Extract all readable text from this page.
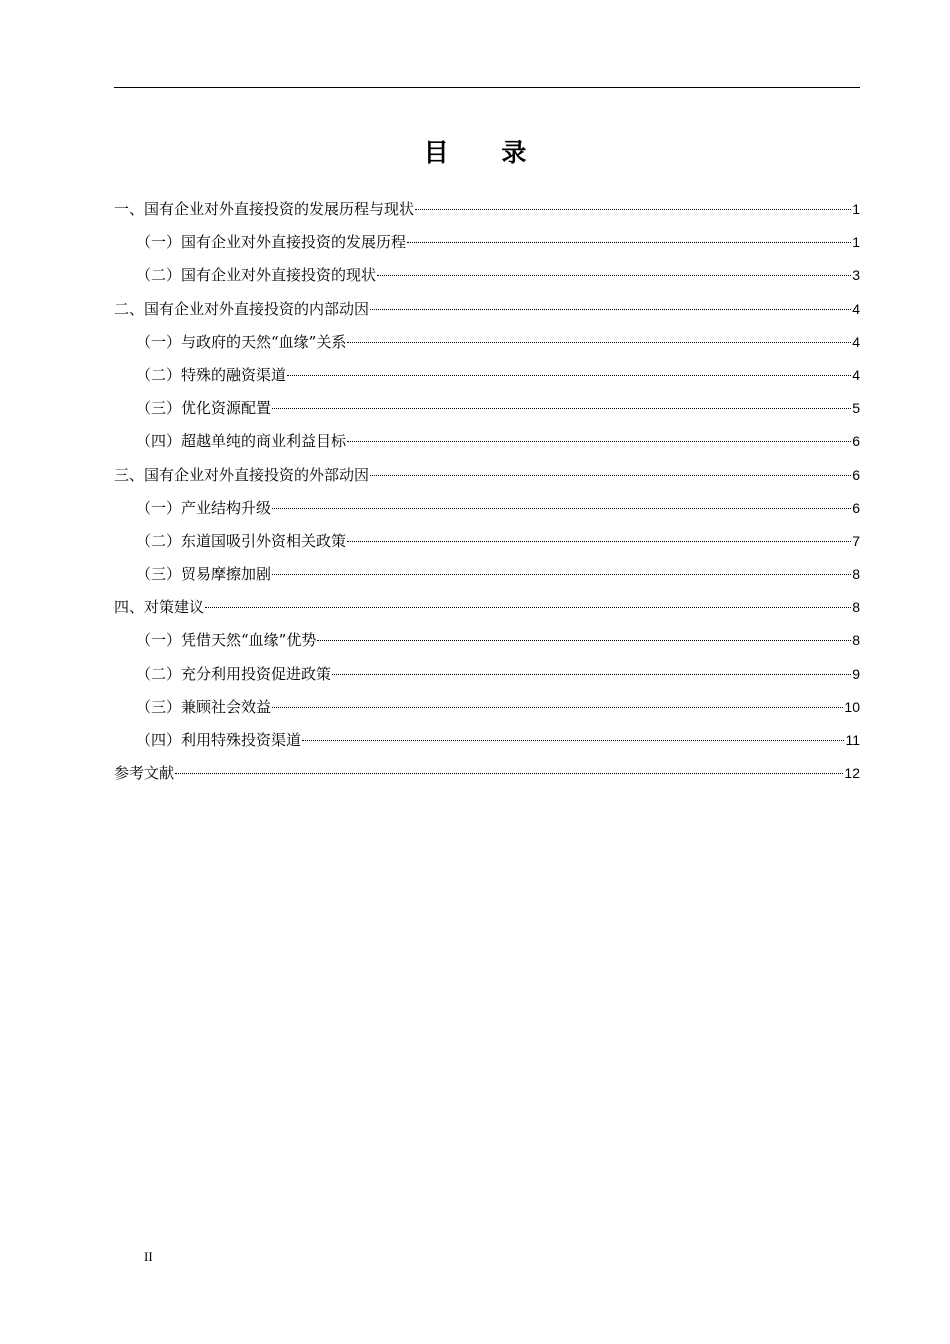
目 录
一、国有企业对外直接投资的发展历程与现状	1
（一）国有企业对外直接投资的发展历程	1
（二）国有企业对外直接投资的现状	3
二、国有企业对外直接投资的内部动因	4
（一）与政府的天然“血缘”关系	4
（二）特殊的融资渠道	4
（三）优化资源配置	5
（四）超越单纯的商业利益目标	6
三、国有企业对外直接投资的外部动因	6
（一）产业结构升级	6
（二）东道国吸引外资相关政策	7
（三）贸易摩擦加剧	8
四、对策建议	8
（一）凭借天然“血缘”优势	8
（二）充分利用投资促进政策	9
（三）兼顾社会效益	10
（四）利用特殊投资渠道	11
参考文献	12
II
